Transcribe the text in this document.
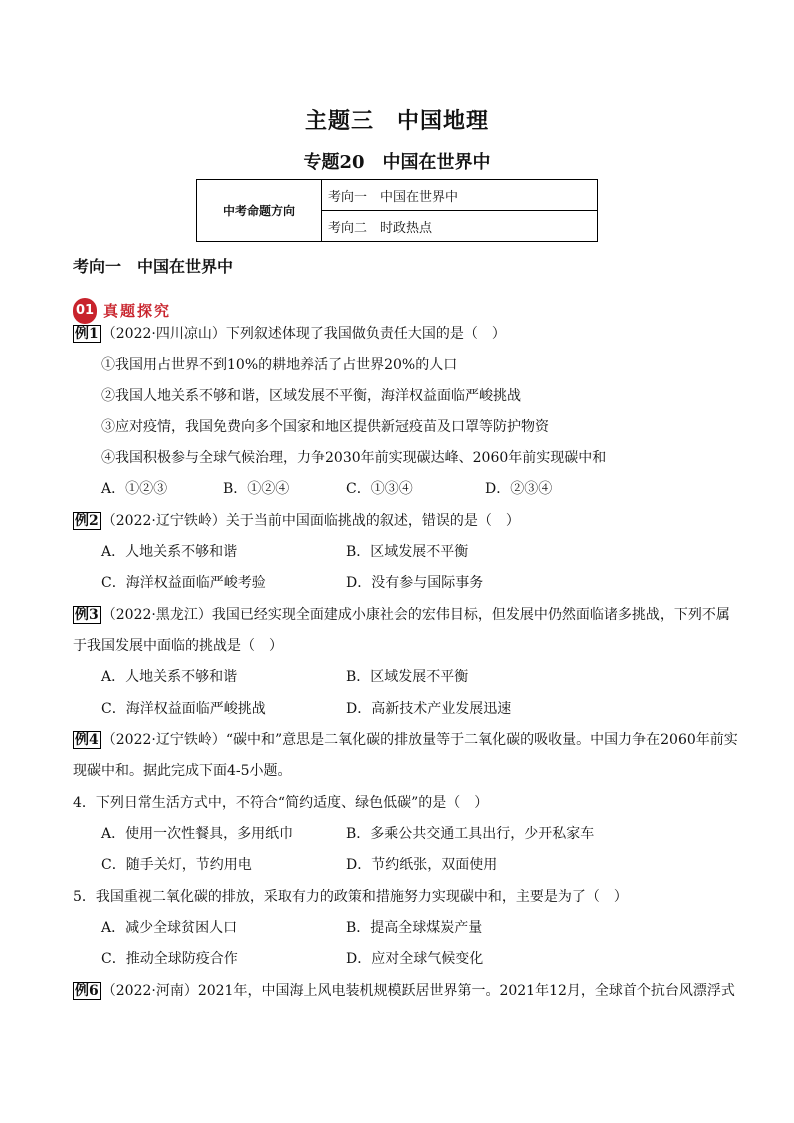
主题三　中国地理
专题20　中国在世界中
中考命题方向	考向一　中国在世界中
考向二　时政热点
考向一　中国在世界中
01 真题探究
例1 （2022·四川凉山）下列叙述体现了我国做负责任大国的是（　）
①我国用占世界不到10%的耕地养活了占世界20%的人口
②我国人地关系不够和谐，区域发展不平衡，海洋权益面临严峻挑战
③应对疫情，我国免费向多个国家和地区提供新冠疫苗及口罩等防护物资
④我国积极参与全球气候治理，力争2030年前实现碳达峰、2060年前实现碳中和
A．①②③	B．①②④	C．①③④	D．②③④
例2 （2022·辽宁铁岭）关于当前中国面临挑战的叙述，错误的是（　）
A．人地关系不够和谐	B．区域发展不平衡
C．海洋权益面临严峻考验	D．没有参与国际事务
例3 （2022·黑龙江）我国已经实现全面建成小康社会的宏伟目标，但发展中仍然面临诸多挑战，下列不属
于我国发展中面临的挑战是（　）
A．人地关系不够和谐	B．区域发展不平衡
C．海洋权益面临严峻挑战	D．高新技术产业发展迅速
例4 （2022·辽宁铁岭）“碳中和”意思是二氧化碳的排放量等于二氧化碳的吸收量。中国力争在2060年前实
现碳中和。据此完成下面4-5小题。
4．下列日常生活方式中，不符合“简约适度、绿色低碳”的是（　）
A．使用一次性餐具，多用纸巾	B．多乘公共交通工具出行，少开私家车
C．随手关灯，节约用电	D．节约纸张，双面使用
5．我国重视二氧化碳的排放，采取有力的政策和措施努力实现碳中和，主要是为了（　）
A．减少全球贫困人口	B．提高全球煤炭产量
C．推动全球防疫合作	D．应对全球气候变化
例6 （2022·河南）2021年，中国海上风电装机规模跃居世界第一。2021年12月，全球首个抗台风漂浮式
